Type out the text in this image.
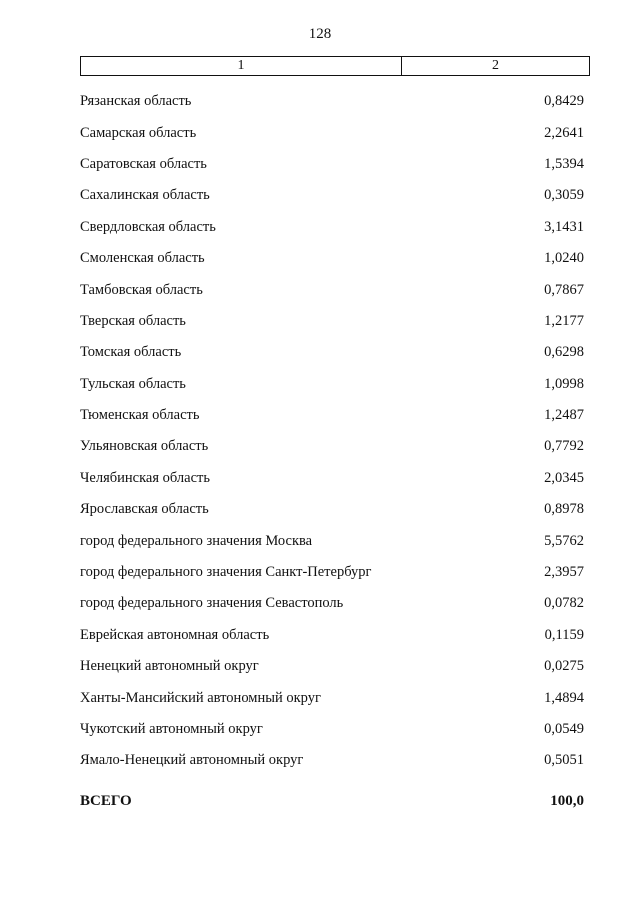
128
1	2
Рязанская область	0,8429
Самарская область	2,2641
Саратовская область	1,5394
Сахалинская область	0,3059
Свердловская область	3,1431
Смоленская область	1,0240
Тамбовская область	0,7867
Тверская область	1,2177
Томская область	0,6298
Тульская область	1,0998
Тюменская область	1,2487
Ульяновская область	0,7792
Челябинская область	2,0345
Ярославская область	0,8978
город федерального значения Москва	5,5762
город федерального значения Санкт-Петербург	2,3957
город федерального значения Севастополь	0,0782
Еврейская автономная область	0,1159
Ненецкий автономный округ	0,0275
Ханты-Мансийский автономный округ	1,4894
Чукотский автономный округ	0,0549
Ямало-Ненецкий автономный округ	0,5051
ВСЕГО	100,0
